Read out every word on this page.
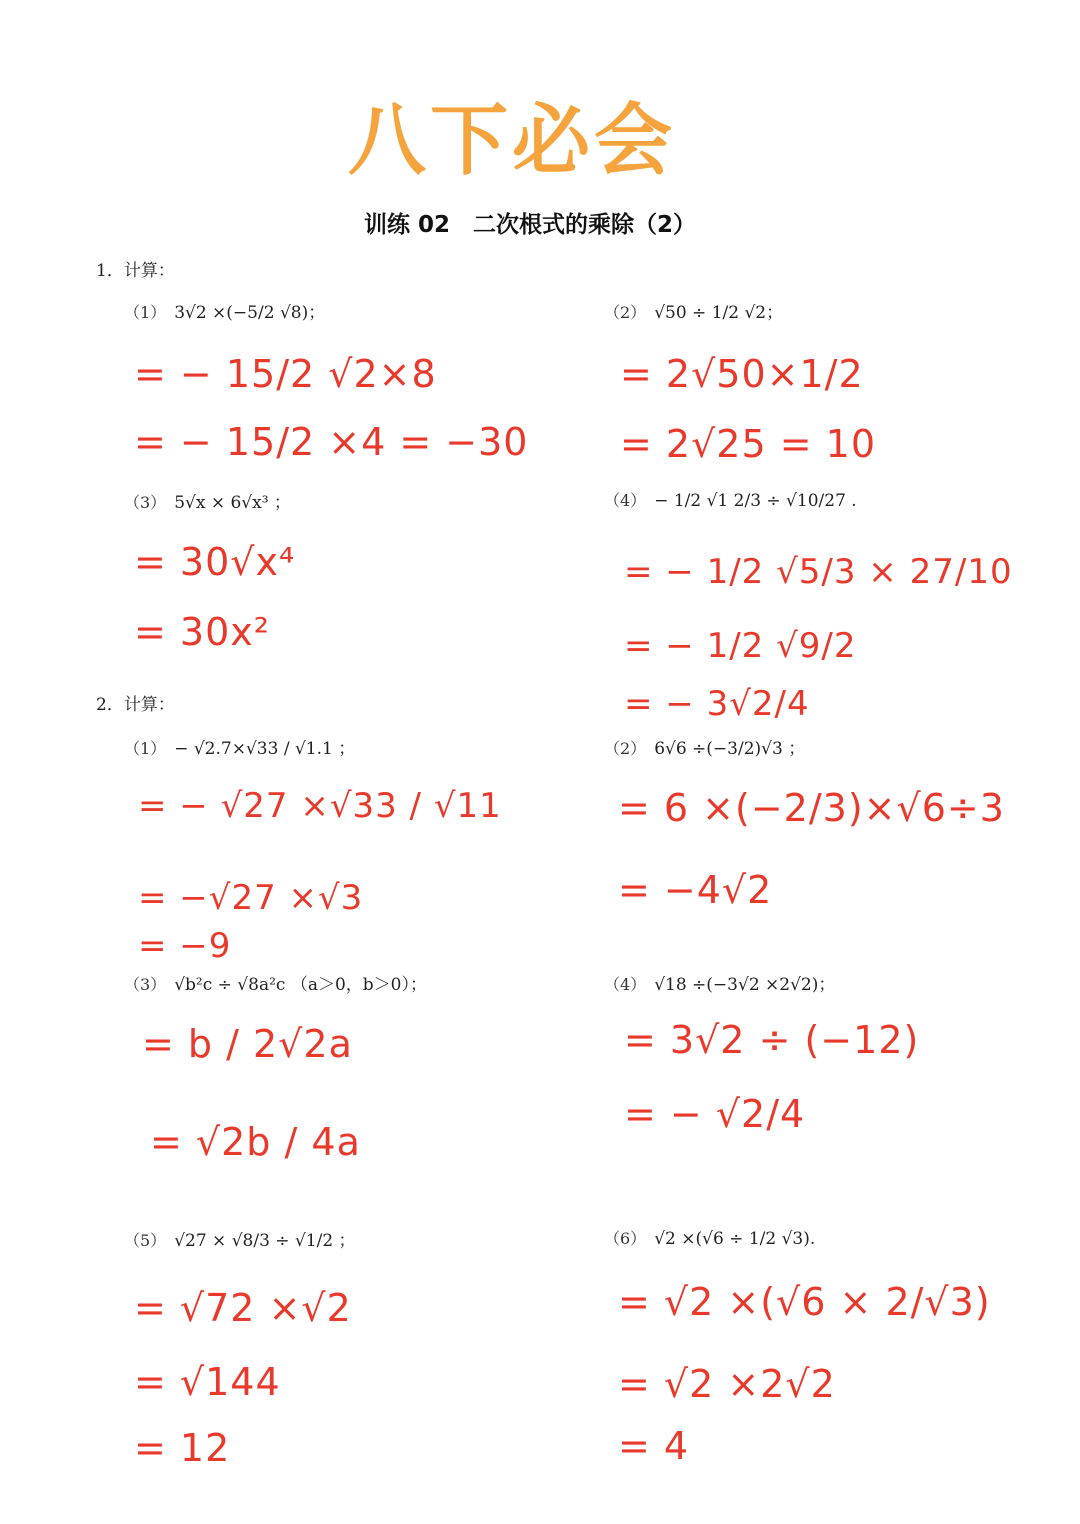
八下必会
训练 02　二次根式的乘除（2）
1．计算：
（1） 3√2 ×(−5/2 √8)；
= − 15/2 √2×8
= − 15/2 ×4 = −30
（2） √50 ÷ 1/2 √2；
= 2√50×1/2
= 2√25 = 10
（3） 5√x × 6√x³ ；
= 30√x⁴
= 30x²
（4） − 1/2 √1 2/3 ÷ √10/27 .
= − 1/2 √5/3 × 27/10
= − 1/2 √9/2
= − 3√2/4
2．计算：
（1） − √2.7×√33 / √1.1 ；
= − √27 ×√33 / √11
= −√27 ×√3
= −9
（2） 6√6 ÷(−3/2)√3 ；
= 6 ×(−2/3)×√6÷3
= −4√2
（3） √b²c ÷ √8a²c （a＞0，b＞0）；
= b / 2√2a
= √2b / 4a
（4） √18 ÷(−3√2 ×2√2)；
= 3√2 ÷ (−12)
= − √2/4
（5） √27 × √8/3 ÷ √1/2 ；
= √72 ×√2
= √144
= 12
（6） √2 ×(√6 ÷ 1/2 √3).
= √2 ×(√6 × 2/√3)
= √2 ×2√2
= 4
